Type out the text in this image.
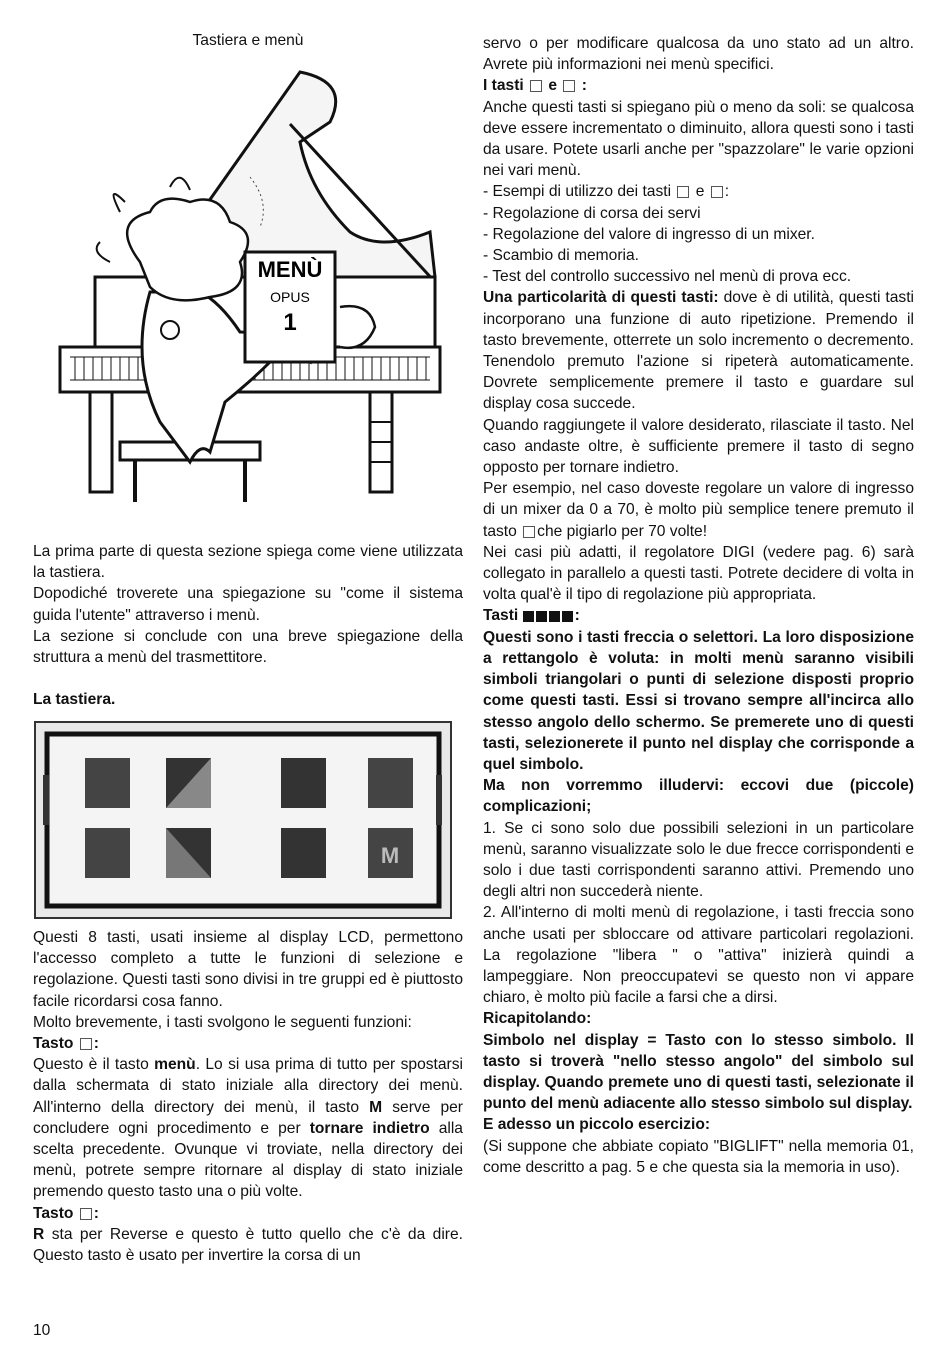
Tastiera e menù
MENÙ
OPUS
1

La prima parte di questa sezione spiega come viene utilizzata la tastiera.

Dopodiché troverete una spiegazione su "come il sistema guida l'utente" attraverso i menù.

La sezione si conclude con una breve spiegazione della struttura a menù del trasmettitore.

La tastiera.

M

Questi 8 tasti, usati insieme al display LCD, permettono l'accesso completo a tutte le funzioni di selezione e regolazione. Questi tasti sono divisi in tre gruppi ed è piuttosto facile ricordarsi cosa fanno.

Molto brevemente, i tasti svolgono le seguenti funzioni:

Tasto :

Questo è il tasto menù. Lo si usa prima di tutto per spostarsi dalla schermata di stato iniziale alla directory dei menù. All'interno della directory dei menù, il tasto M serve per concludere ogni procedimento e per tornare indietro alla scelta precedente. Ovunque vi troviate, nella directory dei menù, potrete sempre ritornare al display di stato iniziale premendo questo tasto una o più volte.

Tasto :

R sta per Reverse e questo è tutto quello che c'è da dire. Questo tasto è usato per invertire la corsa di un

servo o per modificare qualcosa da uno stato ad un altro. Avrete più informazioni nei menù specifici.

I tasti e :

Anche questi tasti si spiegano più o meno da soli: se qualcosa deve essere incrementato o diminuito, allora questi sono i tasti da usare. Potete usarli anche per "spazzolare" le varie opzioni nei vari menù.

- Esempi di utilizzo dei tasti e :

- Regolazione di corsa dei servi

- Regolazione del valore di ingresso di un mixer.

- Scambio di memoria.

- Test del controllo successivo nel menù di prova ecc.

Una particolarità di questi tasti: dove è di utilità, questi tasti incorporano una funzione di auto ripetizione. Premendo il tasto brevemente, otterrete un solo incremento o decremento. Tenendolo premuto l'azione si ripeterà automaticamente. Dovrete semplicemente premere il tasto e guardare sul display cosa succede.

Quando raggiungete il valore desiderato, rilasciate il tasto. Nel caso andaste oltre, è sufficiente premere il tasto di segno opposto per tornare indietro.

Per esempio, nel caso doveste regolare un valore di ingresso di un mixer da 0 a 70, è molto più semplice tenere premuto il tasto che pigiarlo per 70 volte!

Nei casi più adatti, il regolatore DIGI (vedere pag. 6) sarà collegato in parallelo a questi tasti. Potrete decidere di volta in volta qual'è il tipo di regolazione più appropriata.

Tasti	:

Questi sono i tasti freccia o selettori. La loro disposizione a rettangolo è voluta: in molti menù saranno visibili simboli triangolari o punti di selezione disposti proprio come questi tasti. Essi si trovano sempre all'incirca allo stesso angolo dello schermo. Se premerete uno di questi tasti, selezionerete il punto nel display che corrisponde a quel simbolo.

Ma non vorremmo illudervi: eccovi due (piccole) complicazioni;

1. Se ci sono solo due possibili selezioni in un particolare menù, saranno visualizzate solo le due frecce corrispondenti e solo i due tasti corrispondenti saranno attivi. Premendo uno degli altri non succederà niente.

2. All'interno di molti menù di regolazione, i tasti freccia sono anche usati per sbloccare od attivare particolari regolazioni. La regolazione "libera " o "attiva" inizierà quindi a lampeggiare. Non preoccupatevi se questo non vi appare chiaro, è molto più facile a farsi che a dirsi.

Ricapitolando:

Simbolo nel display = Tasto con lo stesso simbolo. Il tasto si troverà "nello stesso angolo" del simbolo sul display. Quando premete uno di questi tasti, selezionate il punto del menù adiacente allo stesso simbolo sul display.

E adesso un piccolo esercizio:

(Si suppone che abbiate copiato "BIGLIFT" nella memoria 01, come descritto a pag. 5 e che questa sia la memoria in uso).

10
